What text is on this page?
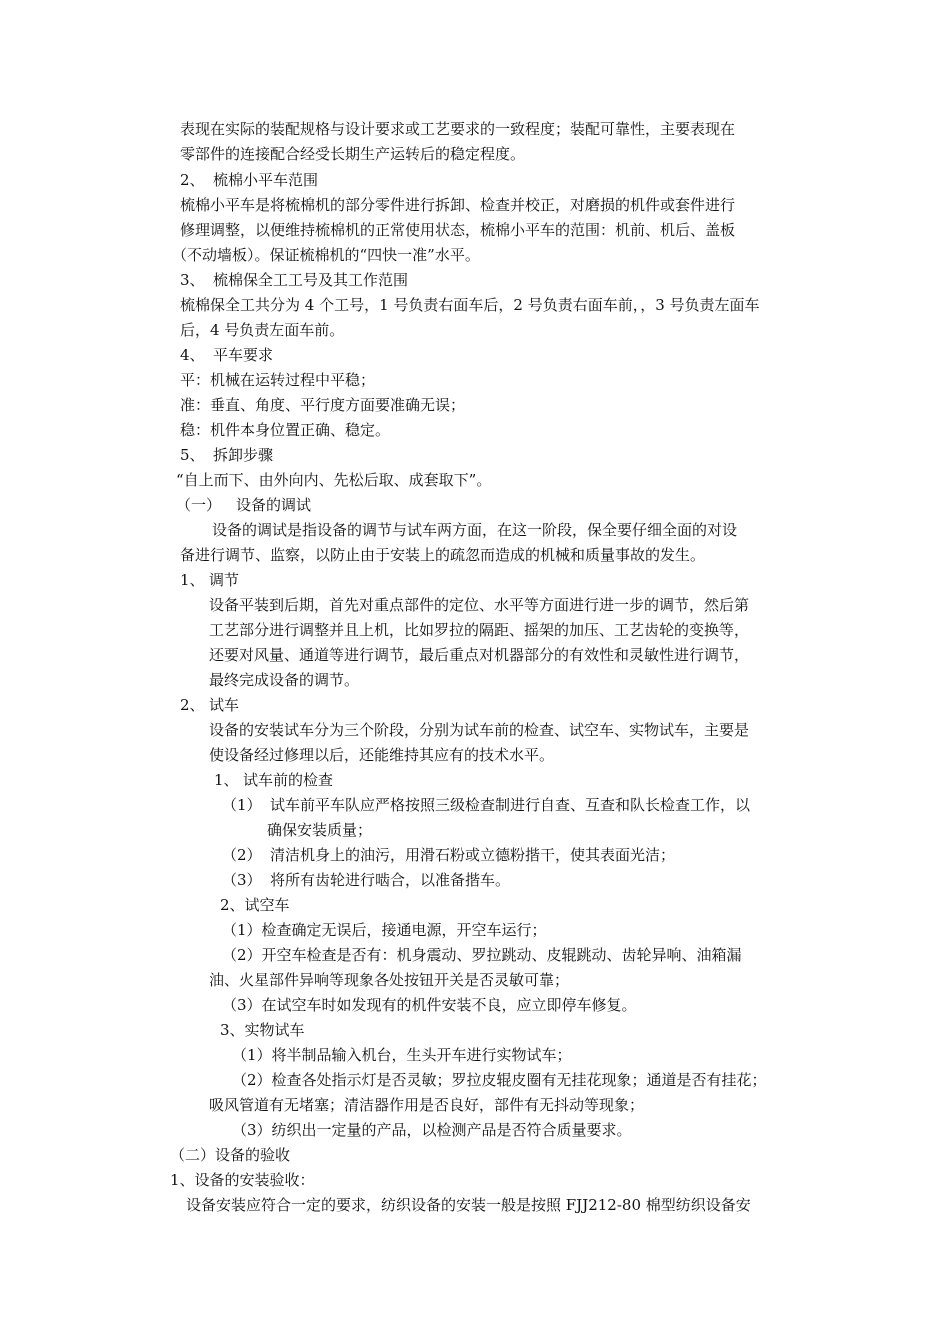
表现在实际的装配规格与设计要求或工艺要求的一致程度；装配可靠性，主要表现在
零部件的连接配合经受长期生产运转后的稳定程度。
2、 梳棉小平车范围
梳棉小平车是将梳棉机的部分零件进行拆卸、检查并校正，对磨损的机件或套件进行
修理调整，以便维持梳棉机的正常使用状态，梳棉小平车的范围：机前、机后、盖板
（不动墙板）。保证梳棉机的“四快一准”水平。
3、 梳棉保全工工号及其工作范围
梳棉保全工共分为 4 个工号，1 号负责右面车后，2 号负责右面车前，，3 号负责左面车
后，4 号负责左面车前。
4、 平车要求
平：机械在运转过程中平稳；
准：垂直、角度、平行度方面要准确无误；
稳：机件本身位置正确、稳定。
5、 拆卸步骤
“自上而下、由外向内、先松后取、成套取下”。
（一） 设备的调试
设备的调试是指设备的调节与试车两方面，在这一阶段，保全要仔细全面的对设
备进行调节、监察，以防止由于安装上的疏忽而造成的机械和质量事故的发生。
1、 调节
设备平装到后期，首先对重点部件的定位、水平等方面进行进一步的调节，然后第
工艺部分进行调整并且上机，比如罗拉的隔距、摇架的加压、工艺齿轮的变换等，
还要对风量、通道等进行调节，最后重点对机器部分的有效性和灵敏性进行调节，
最终完成设备的调节。
2、 试车
设备的安装试车分为三个阶段，分别为试车前的检查、试空车、实物试车，主要是
使设备经过修理以后，还能维持其应有的技术水平。
1、 试车前的检查
（1） 试车前平车队应严格按照三级检查制进行自查、互查和队长检查工作，以
确保安装质量；
（2） 清洁机身上的油污，用滑石粉或立德粉揩干，使其表面光洁；
（3） 将所有齿轮进行啮合，以准备揩车。
2、试空车
（1）检查确定无误后，接通电源，开空车运行；
（2）开空车检查是否有：机身震动、罗拉跳动、皮辊跳动、齿轮异响、油箱漏
油、火星部件异响等现象各处按钮开关是否灵敏可靠；
（3）在试空车时如发现有的机件安装不良，应立即停车修复。
3、实物试车
（1）将半制品输入机台，生头开车进行实物试车；
（2）检查各处指示灯是否灵敏；罗拉皮辊皮圈有无挂花现象；通道是否有挂花；
吸风管道有无堵塞；清洁器作用是否良好，部件有无抖动等现象；
（3）纺织出一定量的产品，以检测产品是否符合质量要求。
（二）设备的验收
1、设备的安装验收：
设备安装应符合一定的要求，纺织设备的安装一般是按照 FJJ212-80 棉型纺织设备安
